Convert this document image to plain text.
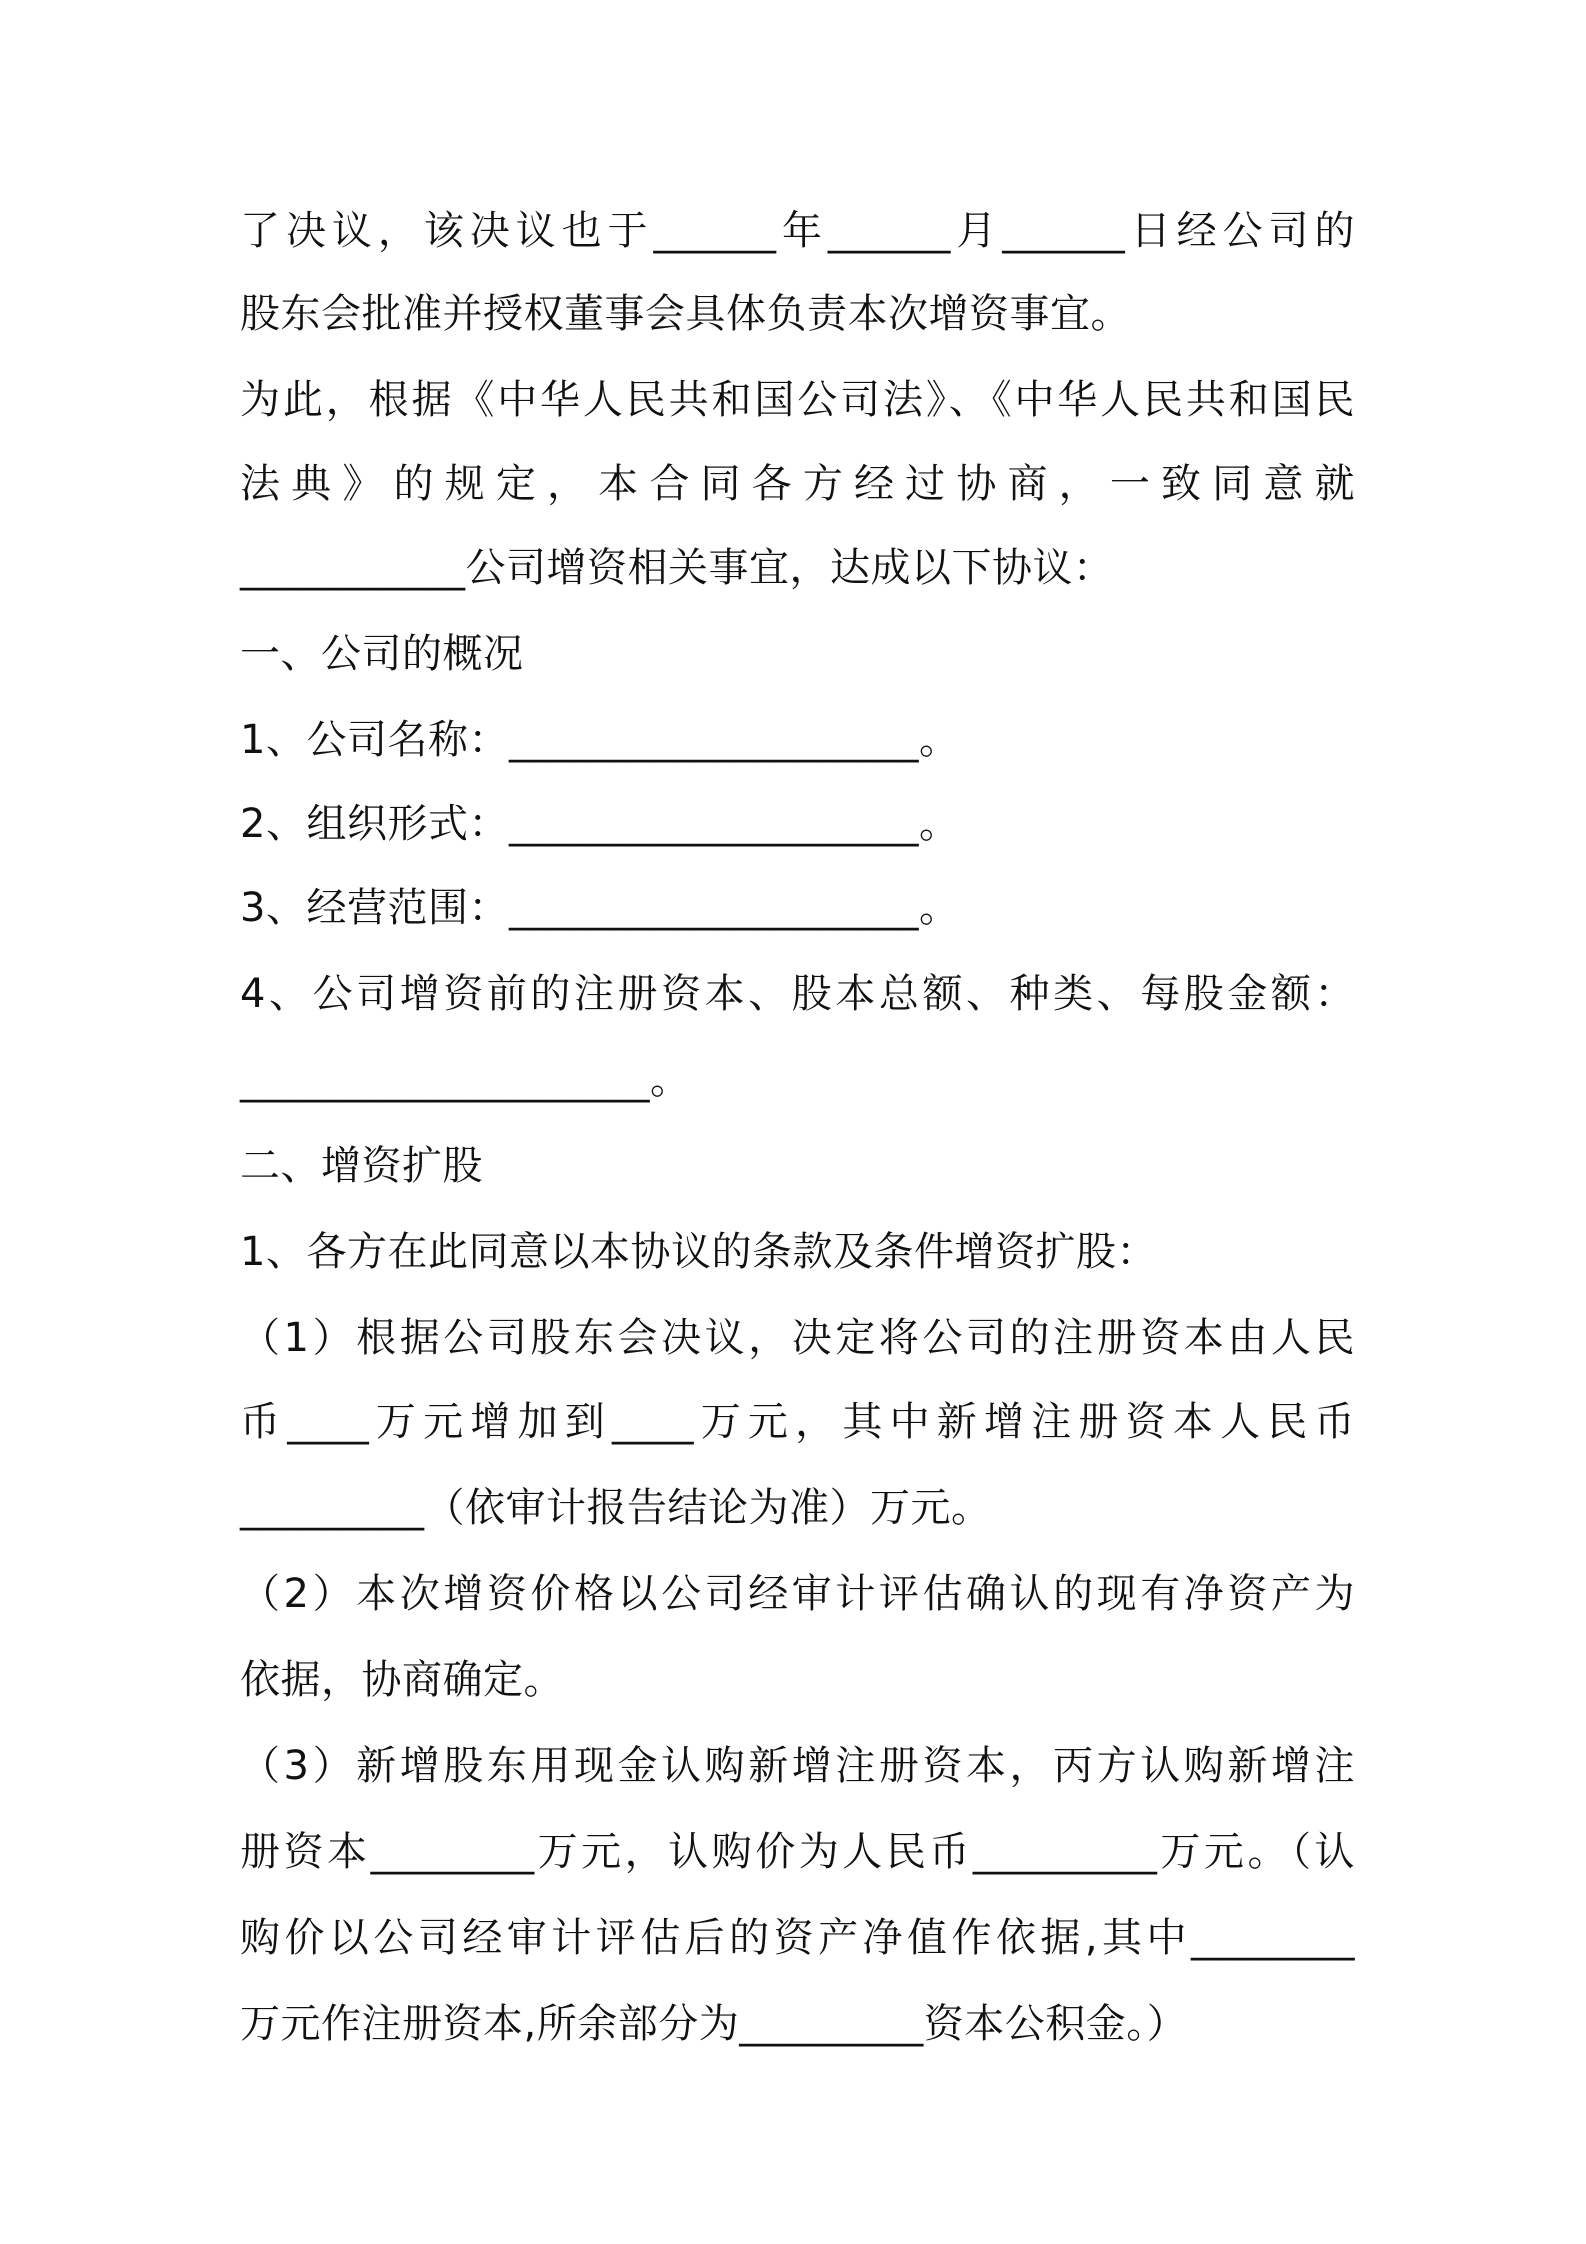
了决议，该决议也于______年______月______日经公司的
股东会批准并授权董事会具体负责本次增资事宜。
为此，根据《中华人民共和国公司法》、《中华人民共和国民
法典》的规定，本合同各方经过协商，一致同意就
___________公司增资相关事宜，达成以下协议：
一、公司的概况
1、公司名称：____________________。
2、组织形式：____________________。
3、经营范围：____________________。
4、公司增资前的注册资本、股本总额、种类、每股金额：
____________________。
二、增资扩股
1、各方在此同意以本协议的条款及条件增资扩股：
（1）根据公司股东会决议，决定将公司的注册资本由人民
币____万元增加到____万元，其中新增注册资本人民币
_________（依审计报告结论为准）万元。
（2）本次增资价格以公司经审计评估确认的现有净资产为
依据，协商确定。
（3）新增股东用现金认购新增注册资本，丙方认购新增注
册资本________万元，认购价为人民币_________万元。（认
购价以公司经审计评估后的资产净值作依据,其中________
万元作注册资本,所余部分为_________资本公积金。）
